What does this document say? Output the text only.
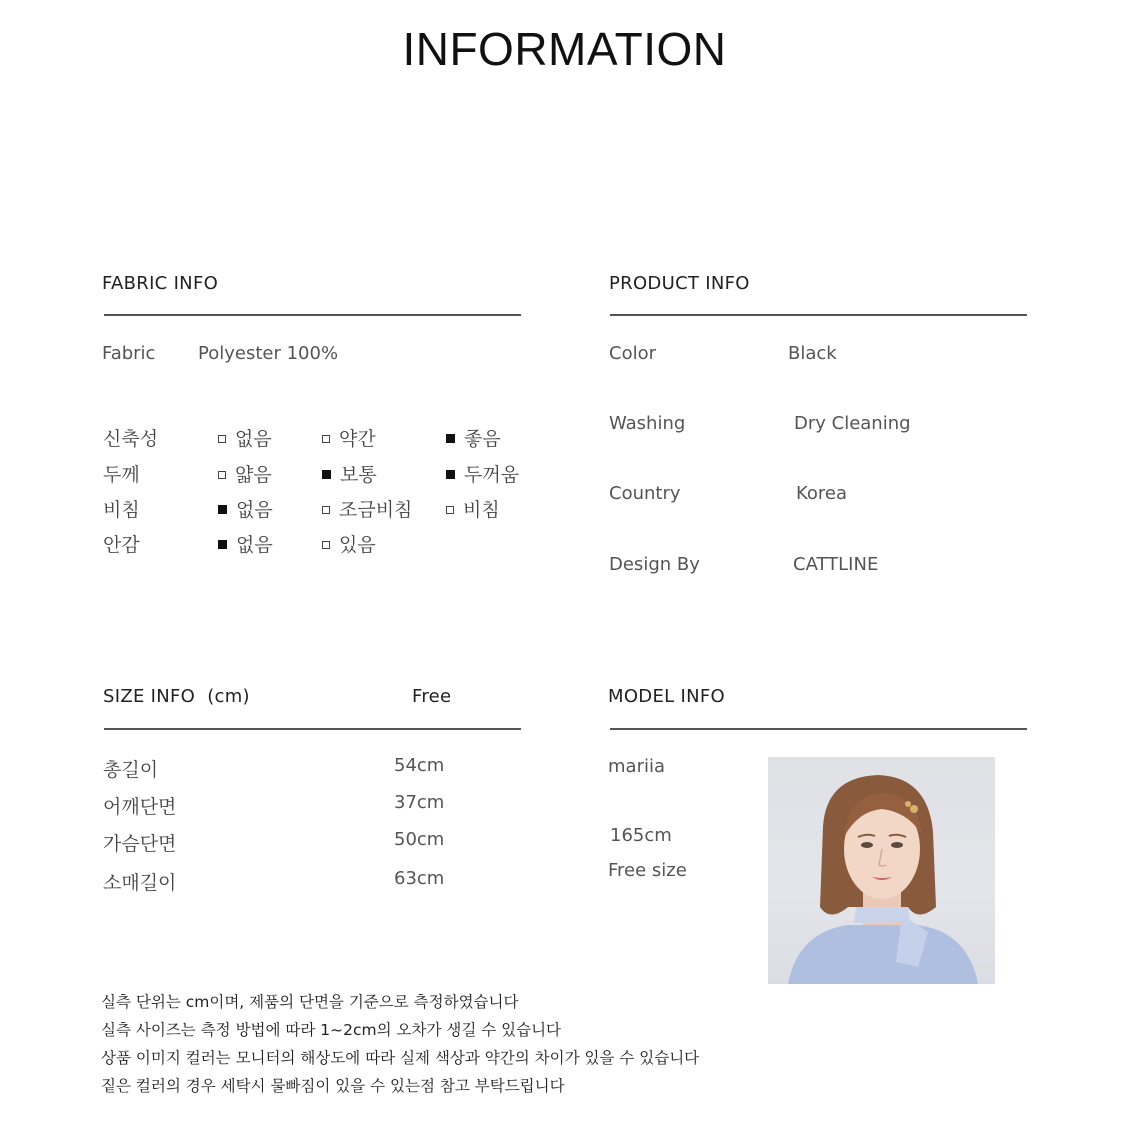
INFORMATION
FABRIC INFO
Fabric Polyester 100%
신축성	없음	약간	좋음
두께	얇음	보통	두꺼움
비침	없음	조금비침	비침
안감	없음	있음
PRODUCT INFO
Color	Black
Washing	Dry Cleaning
Country	Korea
Design By	CATTLINE
SIZE INFO  (cm)	Free
총길이	54cm
어깨단면	37cm
가슴단면	50cm
소매길이	63cm
MODEL INFO
mariia
165cm
Free size
실측 단위는 cm이며, 제품의 단면을 기준으로 측정하였습니다
실측 사이즈는 측정 방법에 따라 1~2cm의 오차가 생길 수 있습니다
상품 이미지 컬러는 모니터의 해상도에 따라 실제 색상과 약간의 차이가 있을 수 있습니다
짙은 컬러의 경우 세탁시 물빠짐이 있을 수 있는점 참고 부탁드립니다
